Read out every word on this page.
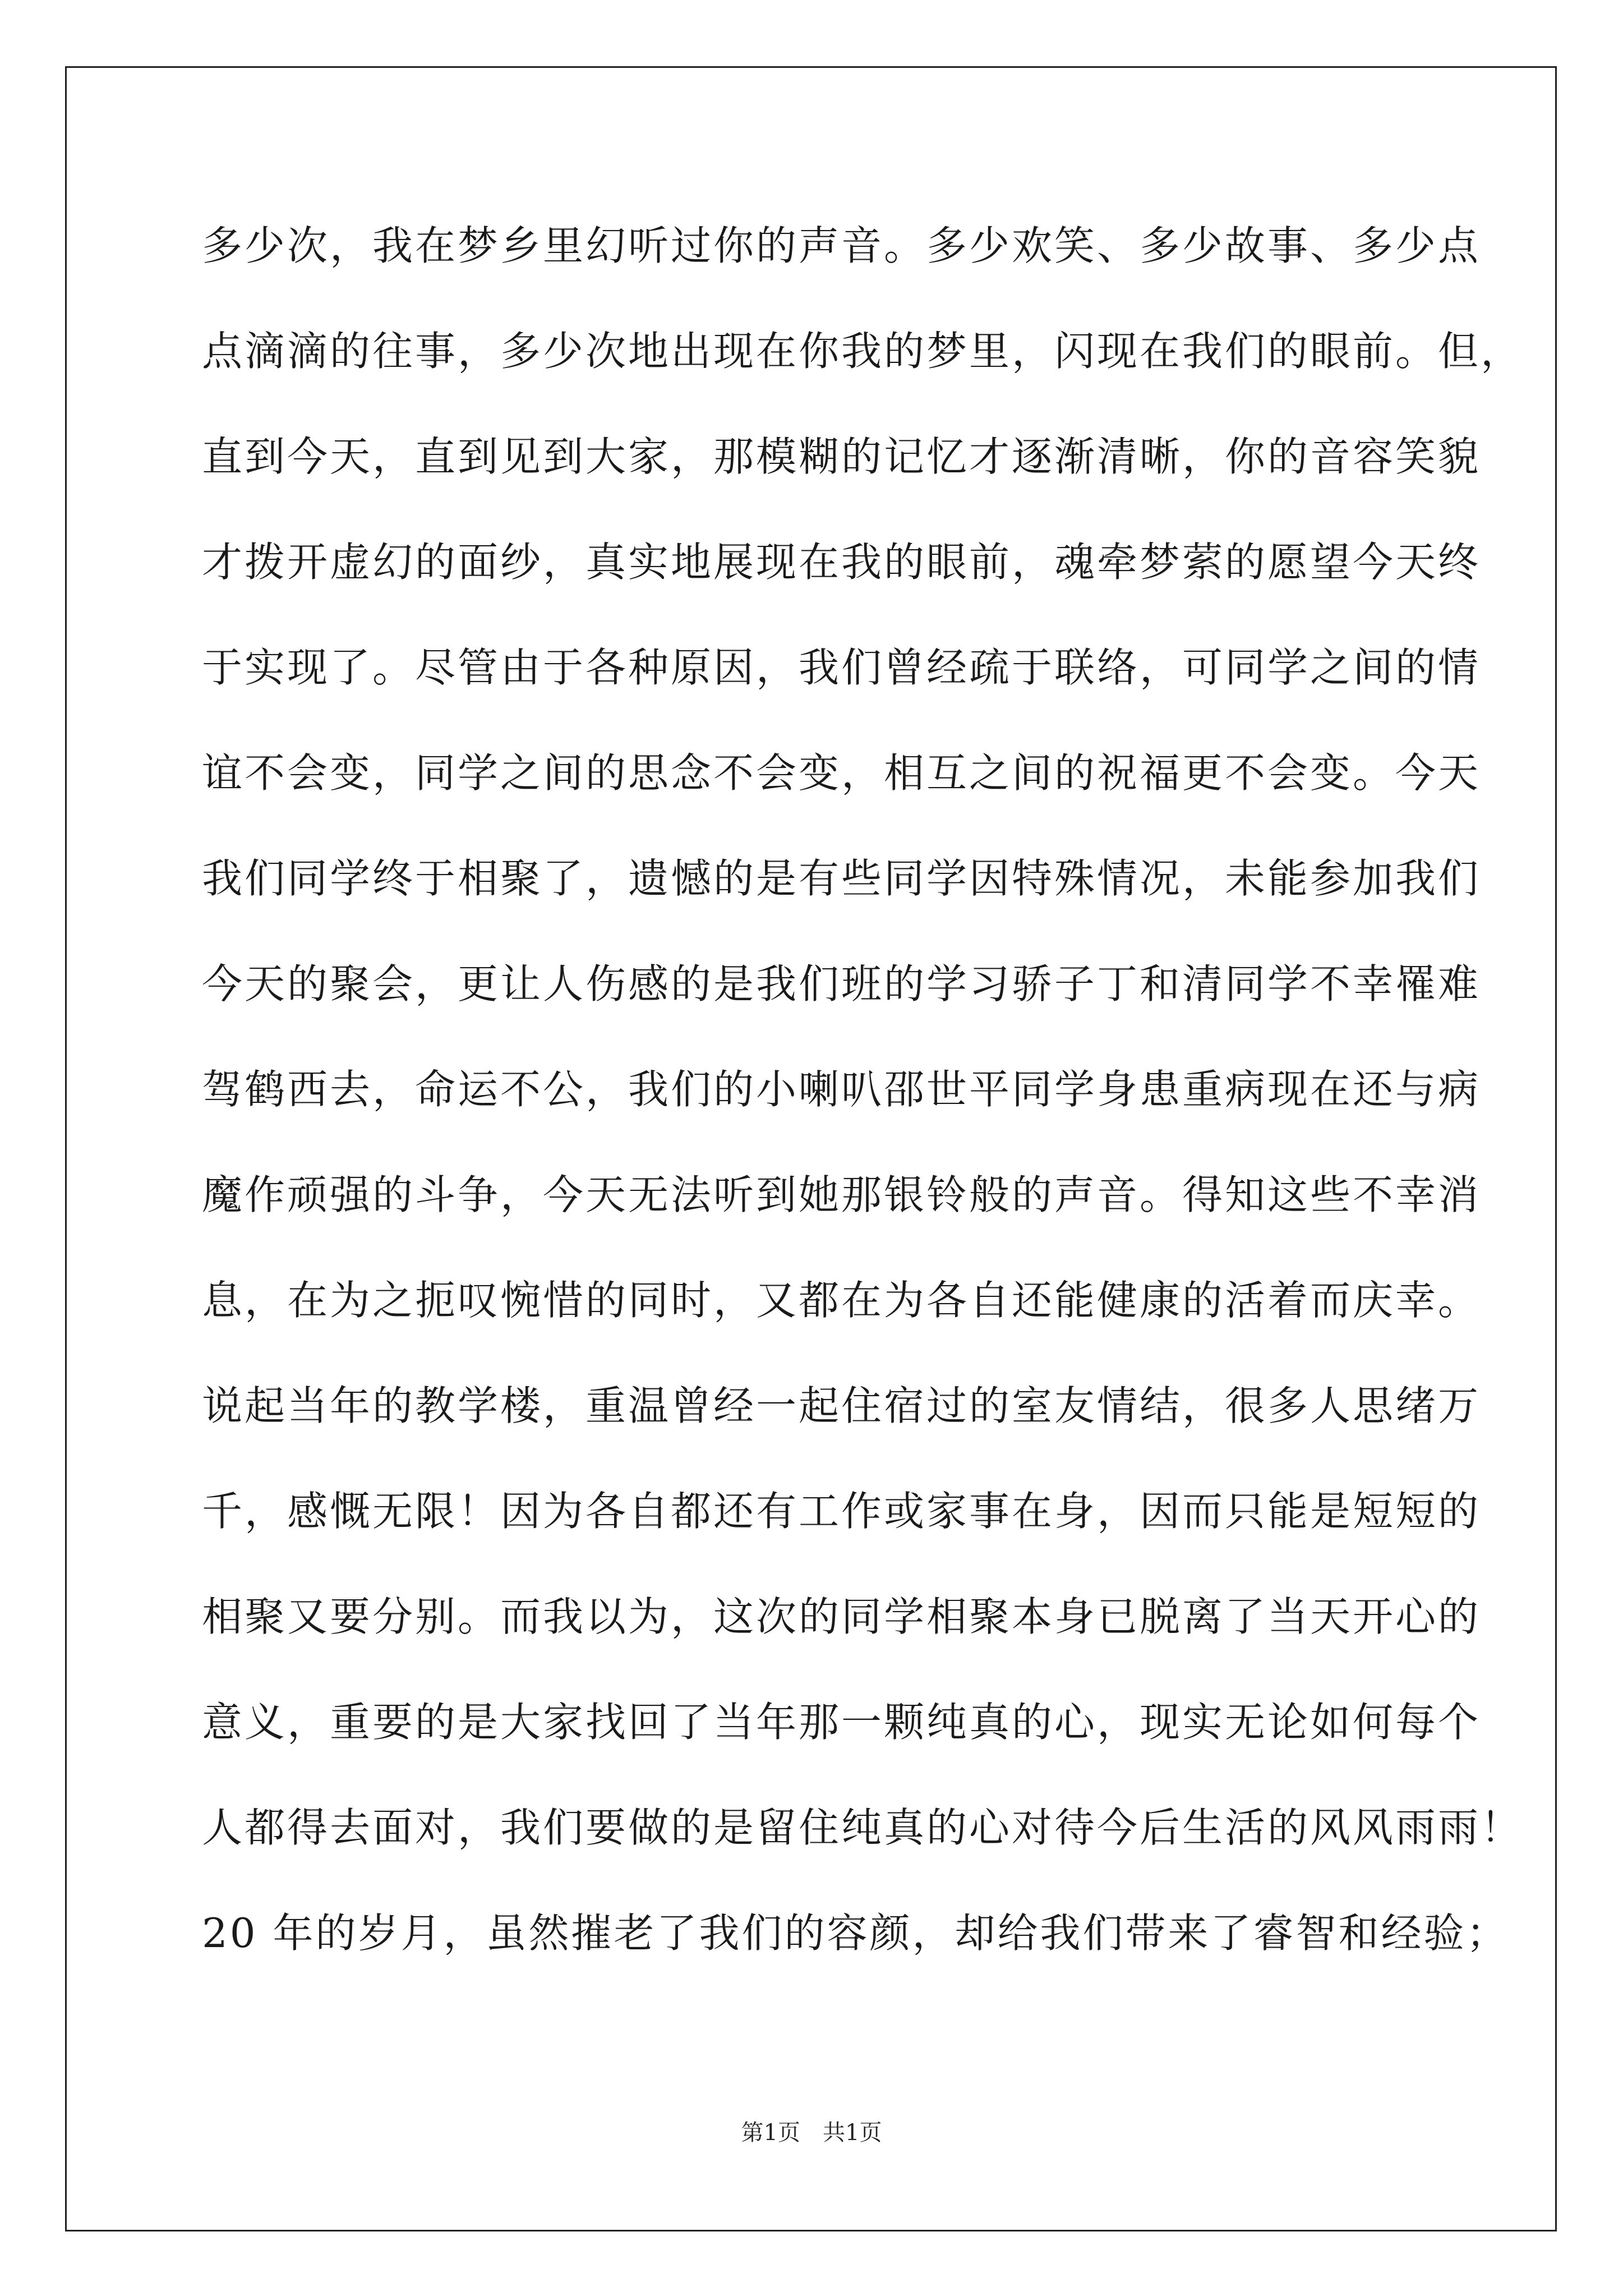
多少次，我在梦乡里幻听过你的声音。多少欢笑、多少故事、多少点
点滴滴的往事，多少次地出现在你我的梦里，闪现在我们的眼前。但，
直到今天，直到见到大家，那模糊的记忆才逐渐清晰，你的音容笑貌
才拨开虚幻的面纱，真实地展现在我的眼前，魂牵梦萦的愿望今天终
于实现了。尽管由于各种原因，我们曾经疏于联络，可同学之间的情
谊不会变，同学之间的思念不会变，相互之间的祝福更不会变。今天
我们同学终于相聚了，遗憾的是有些同学因特殊情况，未能参加我们
今天的聚会，更让人伤感的是我们班的学习骄子丁和清同学不幸罹难
驾鹤西去，命运不公，我们的小喇叭邵世平同学身患重病现在还与病
魔作顽强的斗争，今天无法听到她那银铃般的声音。得知这些不幸消
息，在为之扼叹惋惜的同时，又都在为各自还能健康的活着而庆幸。
说起当年的教学楼，重温曾经一起住宿过的室友情结，很多人思绪万
千，感慨无限！因为各自都还有工作或家事在身，因而只能是短短的
相聚又要分别。而我以为，这次的同学相聚本身已脱离了当天开心的
意义，重要的是大家找回了当年那一颗纯真的心，现实无论如何每个
人都得去面对，我们要做的是留住纯真的心对待今后生活的风风雨雨！
20 年的岁月，虽然摧老了我们的容颜，却给我们带来了睿智和经验；
第1页　共1页
